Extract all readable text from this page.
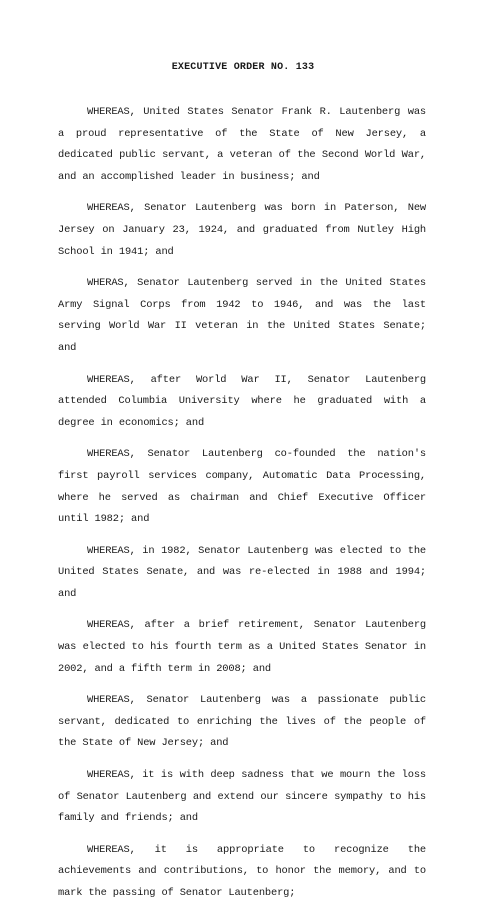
EXECUTIVE ORDER NO. 133

WHEREAS, United States Senator Frank R. Lautenberg was a proud representative of the State of New Jersey, a dedicated public servant, a veteran of the Second World War, and an accomplished leader in business; and

WHEREAS, Senator Lautenberg was born in Paterson, New Jersey on January 23, 1924, and graduated from Nutley High School in 1941; and

WHERAS, Senator Lautenberg served in the United States Army Signal Corps from 1942 to 1946, and was the last serving World War II veteran in the United States Senate; and

WHEREAS, after World War II, Senator Lautenberg attended Columbia University where he graduated with a degree in economics; and

WHEREAS, Senator Lautenberg co-founded the nation's first payroll services company, Automatic Data Processing, where he served as chairman and Chief Executive Officer until 1982; and

WHEREAS, in 1982, Senator Lautenberg was elected to the United States Senate, and was re-elected in 1988 and 1994; and

WHEREAS, after a brief retirement, Senator Lautenberg was elected to his fourth term as a United States Senator in 2002, and a fifth term in 2008; and

WHEREAS, Senator Lautenberg was a passionate public servant, dedicated to enriching the lives of the people of the State of New Jersey; and

WHEREAS, it is with deep sadness that we mourn the loss of Senator Lautenberg and extend our sincere sympathy to his family and friends; and

WHEREAS, it is appropriate to recognize the achievements and contributions, to honor the memory, and to mark the passing of Senator Lautenberg;
